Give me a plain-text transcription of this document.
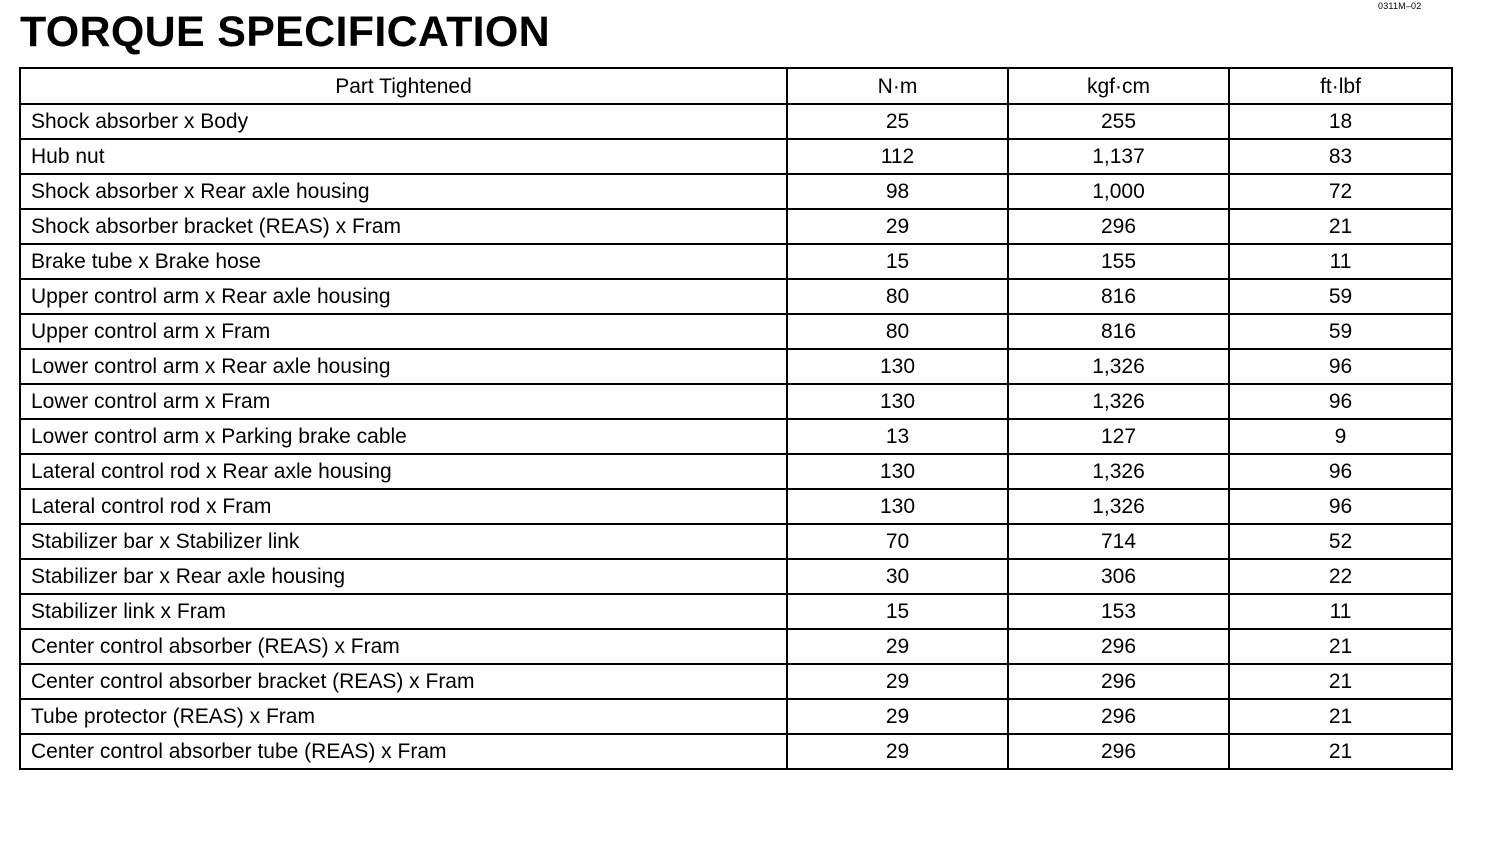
0311M–02
TORQUE SPECIFICATION
Part Tightened	N·m	kgf·cm	ft·lbf
Shock absorber x Body	25	255	18
Hub nut	112	1,137	83
Shock absorber x Rear axle housing	98	1,000	72
Shock absorber bracket (REAS) x Fram	29	296	21
Brake tube x Brake hose	15	155	11
Upper control arm x Rear axle housing	80	816	59
Upper control arm x Fram	80	816	59
Lower control arm x Rear axle housing	130	1,326	96
Lower control arm x Fram	130	1,326	96
Lower control arm x Parking brake cable	13	127	9
Lateral control rod x Rear axle housing	130	1,326	96
Lateral control rod x Fram	130	1,326	96
Stabilizer bar x Stabilizer link	70	714	52
Stabilizer bar x Rear axle housing	30	306	22
Stabilizer link x Fram	15	153	11
Center control absorber (REAS) x Fram	29	296	21
Center control absorber bracket (REAS) x Fram	29	296	21
Tube protector (REAS) x Fram	29	296	21
Center control absorber tube (REAS) x Fram	29	296	21
